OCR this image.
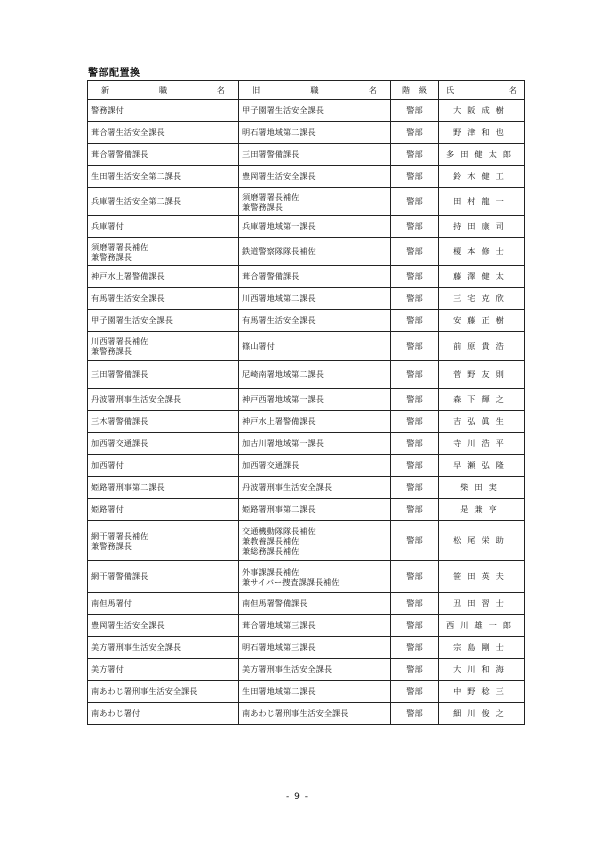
警部配置換
新 職 名	旧 職 名	階 級	氏 名

警務課付	甲子園署生活安全課長	警部	大阪成樹

葺合署生活安全課長	明石署地域第二課長	警部	野津和也

葺合署警備課長	三田署警備課長	警部	多田健太郎

生田署生活安全第二課長	豊岡署生活安全課長	警部	鈴木健工

兵庫署生活安全第二課長	須磨署署長補佐
兼警務課長	警部	田村龍一

兵庫署付	兵庫署地域第一課長	警部	持田康司

須磨署署長補佐
兼警務課長	鉄道警察隊隊長補佐	警部	榎本修士

神戸水上署警備課長	葺合署警備課長	警部	藤澤健太

有馬署生活安全課長	川西署地域第二課長	警部	三宅克欣

甲子園署生活安全課長	有馬署生活安全課長	警部	安藤正樹

川西署署長補佐
兼警務課長	篠山署付	警部	前原貴浩

三田署警備課長	尼崎南署地域第二課長	警部	菅野友則

丹波署刑事生活安全課長	神戸西署地域第一課長	警部	森下輝之

三木署警備課長	神戸水上署警備課長	警部	吉弘眞生

加西署交通課長	加古川署地域第一課長	警部	寺川浩平

加西署付	加西署交通課長	警部	早瀬弘隆

姫路署刑事第二課長	丹波署刑事生活安全課長	警部	柴田実

姫路署付	姫路署刑事第二課長	警部	是兼亨

網干署署長補佐
兼警務課長	交通機動隊隊長補佐
兼教養課長補佐
兼総務課長補佐	警部	松尾栄助

網干署警備課長	外事課課長補佐
兼サイバー捜査課課長補佐	警部	笹田英夫

南但馬署付	南但馬署警備課長	警部	丑田習士

豊岡署生活安全課長	葺合署地域第三課長	警部	西川雄一郎

美方署刑事生活安全課長	明石署地域第三課長	警部	宗島剛士

美方署付	美方署刑事生活安全課長	警部	大川和海

南あわじ署刑事生活安全課長	生田署地域第二課長	警部	中野稔三

南あわじ署付	南あわじ署刑事生活安全課長	警部	細川俊之
- 9 -
